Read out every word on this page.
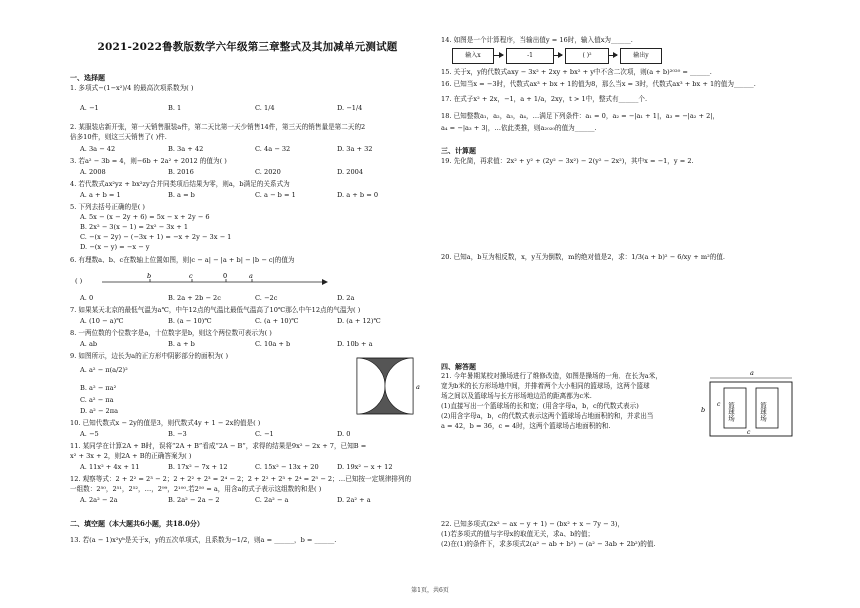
2021-2022鲁教版数学六年级第三章整式及其加减单元测试题
一、选择题
1. 多项式−(1−x²)/4 的最高次项系数为( )
A. −1	B. 1	C. 1/4	D. −1/4
2. 某服装店新开张，第一天销售服装a件，第二天比第一天少销售14件，第三天的销售量是第二天的2
倍多10件，则这三天销售了( )件.
A. 3a − 42	B. 3a + 42	C. 4a − 32	D. 3a + 32
3. 若a² − 3b = 4，则−6b + 2a² + 2012 的值为( )
A. 2008	B. 2016	C. 2020	D. 2004
4. 若代数式ax²yz + bx²zy合并同类项后结果为零，则a，b满足的关系式为
A. a + b = 1	B. a = b	C. a − b = 1	D. a + b = 0
5. 下列去括号正确的是( )
A. 5x − (x − 2y + 6) = 5x − x + 2y − 6
B. 2x² − 3(x − 1) = 2x² − 3x + 1
C. −(x − 2y) − (−3x + 1) = −x + 2y − 3x − 1
D. −(x − y) = −x − y
6. 有理数a、b、c在数轴上位置如图，则|c − a| − |a + b| − |b − c|的值为
( )
b	c	0	a
A. 0	B. 2a + 2b − 2c	C. −2c	D. 2a
7. 如果某天北京的最低气温为a℃，中午12点的气温比最低气温高了10℃那么中午12点的气温为( )
A. (10 − a)℃	B. (a − 10)℃	C. (a + 10)℃	D. (a + 12)℃
8. 一两位数的个位数字是a，十位数字是b，则这个两位数可表示为( )
A. ab	B. a + b	C. 10a + b	D. 10b + a
9. 如图所示，边长为a的正方形中阴影部分的面积为( )
A. a² − π(a/2)²
B. a² − πa²
C. a² − πa
D. a² − 2πa
a
10. 已知代数式x − 2y的值是3，则代数式4y + 1 − 2x的值是( )
A. −5	B. −3	C. −1	D. 0
11. 某同学在计算2A + B时，误将“2A + B”看成“2A − B”，求得的结果是9x² − 2x + 7，已知B =
x² + 3x + 2，则2A + B的正确答案为( )
A. 11x² + 4x + 11	B. 17x² − 7x + 12	C. 15x² − 13x + 20	D. 19x² − x + 12
12. 观察等式：2 + 2² = 2³ − 2；2 + 2² + 2³ = 2⁴ − 2；2 + 2² + 2³ + 2⁴ = 2⁵ − 2；…已知按一定规律排列的
一组数：2⁵⁰，2⁵¹，2⁵²，…，2⁹⁹，2¹⁰⁰.若2⁵⁰ = a，用含a的式子表示这组数的和是( )
A. 2a² − 2a	B. 2a² − 2a − 2	C. 2a² − a	D. 2a² + a
二、填空题（本大题共6小题，共18.0分）
13. 若(a − 1)x²yᵇ是关于x，y的五次单项式，且系数为−1/2，则a = ______，b = ______.
14. 如图是一个计算程序，当输出值y = 16时，输入值x为______.
输入x	-1	( )²	输出y
15. 关于x，y的代数式axy − 3x² + 2xy + bx² + y中不含二次项，则(a + b)²⁰²⁰ = ______.
16. 已知当x = −3时，代数式ax³ + bx + 1的值为8，那么当x = 3时，代数式ax³ + bx + 1的值为______.
17. 在式子x² + 2x，−1，a + 1/a，2xy，t > 1中，整式有______个.
18. 已知整数a₁，a₂，a₃，a₄，…满足下列条件：a₁ = 0，a₂ = −|a₁ + 1|，a₃ = −|a₂ + 2|，
a₄ = −|a₃ + 3|，…依此类推，则a₂₀₂₀的值为______.
三、计算题
19. 先化简，再求值：2x² + y² + (2y² − 3x²) − 2(y² − 2x²)，其中x = −1，y = 2.
20. 已知a，b互为相反数，x，y互为倒数，m的绝对值是2，求：1/3(a + b)² − 6/xy + m²的值.
四、解答题
21. 今年暑期某校对操场进行了维修改造，如图是操场的一角．在长为a米，
宽为b米的长方形场地中间，并排着两个大小相同的篮球场，这两个篮球
场之间以及篮球场与长方形场地边沿的距离都为c米.
(1)直接写出一个篮球场的长和宽；(用含字母a，b，c的代数式表示)
(2)用含字母a，b，c的代数式表示这两个篮球场占地面积的和，并求出当
a = 42，b = 36，c = 4时，这两个篮球场占地面积的和.
a
b
c 篮球场	篮球场
c
22. 已知多项式(2x² − ax − y + 1) − (bx² + x − 7y − 3)，
(1)若多项式的值与字母x的取值无关，求a、b的值；
(2)在(1)的条件下，求多项式2(a² − ab + b²) − (a² − 3ab + 2b²)的值.
第1页，共6页
